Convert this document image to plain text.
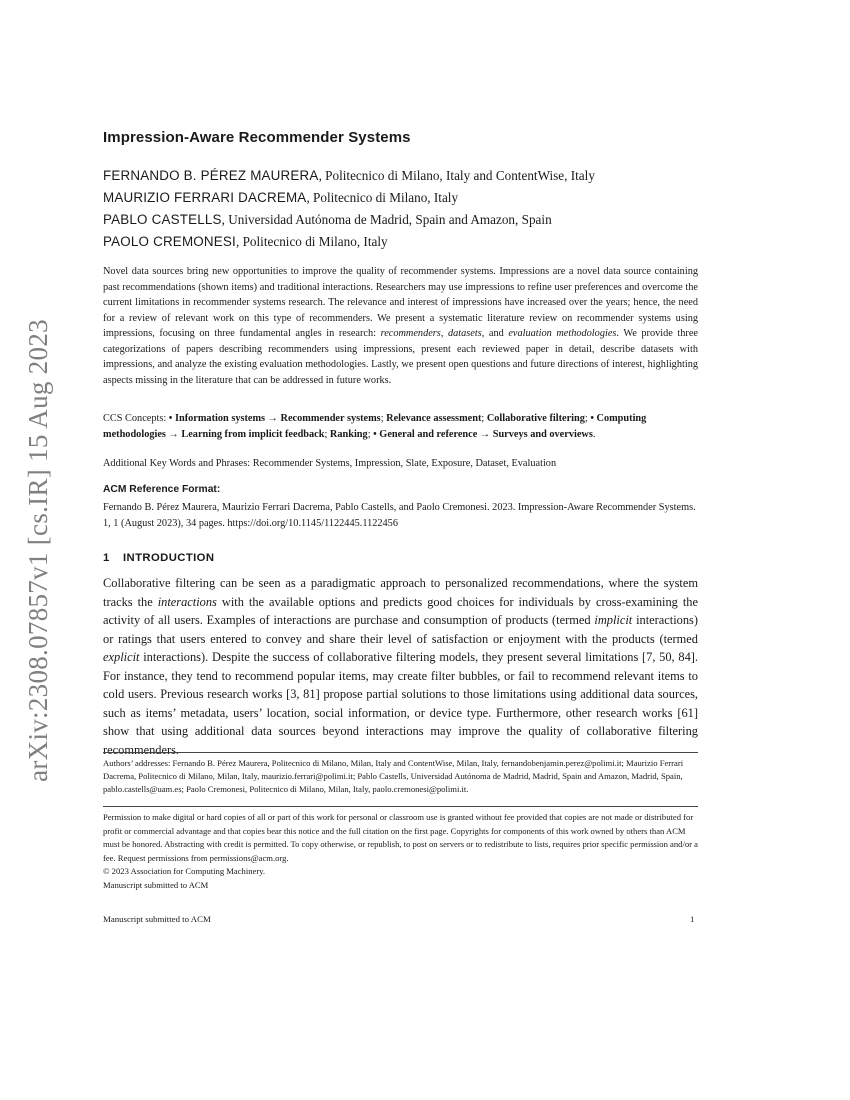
arXiv:2308.07857v1 [cs.IR] 15 Aug 2023
Impression-Aware Recommender Systems
FERNANDO B. PÉREZ MAURERA, Politecnico di Milano, Italy and ContentWise, Italy
MAURIZIO FERRARI DACREMA, Politecnico di Milano, Italy
PABLO CASTELLS, Universidad Autónoma de Madrid, Spain and Amazon, Spain
PAOLO CREMONESI, Politecnico di Milano, Italy

Novel data sources bring new opportunities to improve the quality of recommender systems. Impressions are a novel data source containing past recommendations (shown items) and traditional interactions. Researchers may use impressions to refine user preferences and overcome the current limitations in recommender systems research. The relevance and interest of impressions have increased over the years; hence, the need for a review of relevant work on this type of recommenders. We present a systematic literature review on recommender systems using impressions, focusing on three fundamental angles in research: recommenders, datasets, and evaluation methodologies. We provide three categorizations of papers describing recommenders using impressions, present each reviewed paper in detail, describe datasets with impressions, and analyze the existing evaluation methodologies. Lastly, we present open questions and future directions of interest, highlighting aspects missing in the literature that can be addressed in future works.

CCS Concepts: • Information systems → Recommender systems; Relevance assessment; Collaborative filtering; • Computing methodologies → Learning from implicit feedback; Ranking; • General and reference → Surveys and overviews.

Additional Key Words and Phrases: Recommender Systems, Impression, Slate, Exposure, Dataset, Evaluation

ACM Reference Format:

Fernando B. Pérez Maurera, Maurizio Ferrari Dacrema, Pablo Castells, and Paolo Cremonesi. 2023. Impression-Aware Recommender Systems. 1, 1 (August 2023), 34 pages. https://doi.org/10.1145/1122445.1122456

1 INTRODUCTION

Collaborative filtering can be seen as a paradigmatic approach to personalized recommendations, where the system tracks the interactions with the available options and predicts good choices for individuals by cross-examining the activity of all users. Examples of interactions are purchase and consumption of products (termed implicit interactions) or ratings that users entered to convey and share their level of satisfaction or enjoyment with the products (termed explicit interactions). Despite the success of collaborative filtering models, they present several limitations [7, 50, 84]. For instance, they tend to recommend popular items, may create filter bubbles, or fail to recommend relevant items to cold users. Previous research works [3, 81] propose partial solutions to those limitations using additional data sources, such as items’ metadata, users’ location, social information, or device type. Furthermore, other research works [61] show that using additional data sources beyond interactions may improve the quality of collaborative filtering recommenders.

Authors’ addresses: Fernando B. Pérez Maurera, Politecnico di Milano, Milan, Italy and ContentWise, Milan, Italy, fernandobenjamin.perez@polimi.it; Maurizio Ferrari Dacrema, Politecnico di Milano, Milan, Italy, maurizio.ferrari@polimi.it; Pablo Castells, Universidad Autónoma de Madrid, Madrid, Spain and Amazon, Madrid, Spain, pablo.castells@uam.es; Paolo Cremonesi, Politecnico di Milano, Milan, Italy, paolo.cremonesi@polimi.it.

Permission to make digital or hard copies of all or part of this work for personal or classroom use is granted without fee provided that copies are not made or distributed for profit or commercial advantage and that copies bear this notice and the full citation on the first page. Copyrights for components of this work owned by others than ACM must be honored. Abstracting with credit is permitted. To copy otherwise, or republish, to post on servers or to redistribute to lists, requires prior specific permission and/or a fee. Request permissions from permissions@acm.org.

© 2023 Association for Computing Machinery.

Manuscript submitted to ACM

Manuscript submitted to ACM	1
